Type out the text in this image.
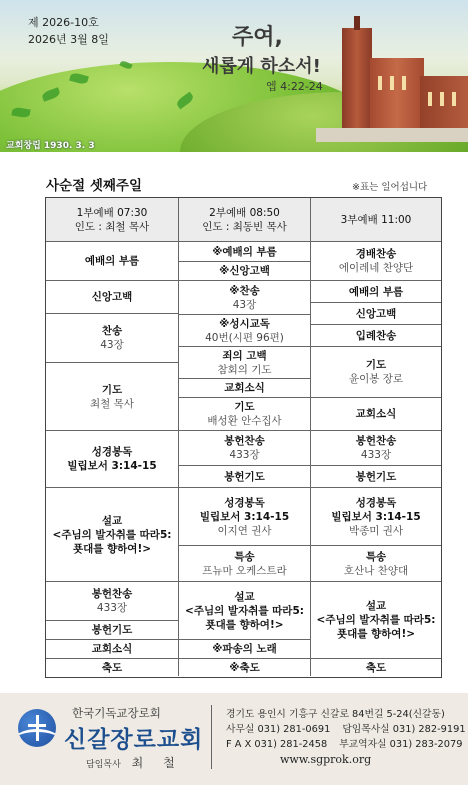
제 2026-10호
2026년 3월 8일	주여,
새롭게 하소서!
엡 4:22-24
교회창립 1930. 3. 3
사순절 셋째주일	※표는 일어섭니다
1부예배 07:30
인도 : 최철 목사
2부예배 08:50
인도 : 최동빈 목사
3부예배 11:00
예배의 부름
신앙고백
찬송
43장
기도
최철 목사
성경봉독
빌립보서 3:14-15
설교
<주님의 발자취를 따라5: 푯대를 향하여!>
봉헌찬송
433장
봉헌기도
교회소식
축도
※예배의 부름
※신앙고백
※찬송
43장
※성시교독
40번(시편 96편)
죄의 고백
참회의 기도
교회소식
기도
배성환 안수집사
봉헌찬송
433장
봉헌기도
성경봉독
빌립보서 3:14-15
이지연 권사
특송
프뉴마 오케스트라
설교
<주님의 발자취를 따라5: 푯대를 향하여!>
※파송의 노래
※축도
경배찬송
에이레네 찬양단
예배의 부름
신앙고백
입례찬송
기도
윤이봉 장로
교회소식
봉헌찬송
433장
봉헌기도
성경봉독
빌립보서 3:14-15
박종미 권사
특송
호산나 찬양대
설교
<주님의 발자취를 따라5: 푯대를 향하여!>
축도
한국기독교장로회
신갈장로교회
담임목사 최 철
경기도 용인시 기흥구 신갈로 84번길 5-24(신갈동)
사무실 031) 281-0691 담임목사실 031) 282-9191
F A X 031) 281-2458 부교역자실 031) 283-2079
www.sgprok.org
